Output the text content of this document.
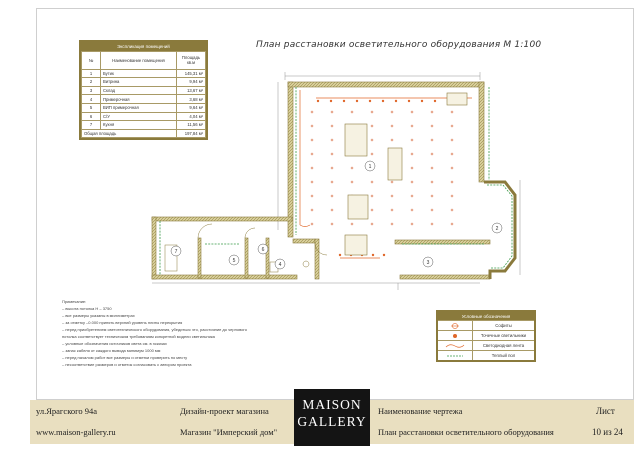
План расстановки осветительного оборудования М 1:100
Экспликация помещений
№	Наименование помещения	Площадь кв.м
1	Бутик	145,31 м²
2	Витрина	9,94 м²
3	Склад	13,67 м²
4	Примерочная	3,68 м²
5	ВИП примерочная	9,64 м²
6	С/У	4,04 м²
7	Кухня	11,56 м²
Общая площадь		197,84 м²
1
2
3
4
5
6
7
Примечание:
– высота потолка H – 3750
– все размеры указаны в миллиметрах
– за отметку –0.000 принять верхний уровень плиты перекрытия
– перед приобретением светотехнического оборудования, убедиться что, расстояние до чернового
потолка соответствует техническим требованиям конкретной модели светильника
– условные обозначения источников света см. в эскизах
– запас кабеля от каждого вывода минимум 1000 мм
– перед началом работ все размеры и отметки проверить по месту
– несоответствие размеров и отметок согласовать с автором проекта
Условные обозначения
Софиты
Точечные светильники
Светодиодная лента
Теплый пол
ул.Ярагского 94а
www.maison-gallery.ru
Дизайн-проект магазина
Магазин "Имперский дом"
Наименование чертежа
План расстановки осветительного оборудования
Лист
10 из 24
MAISON
GALLERY
